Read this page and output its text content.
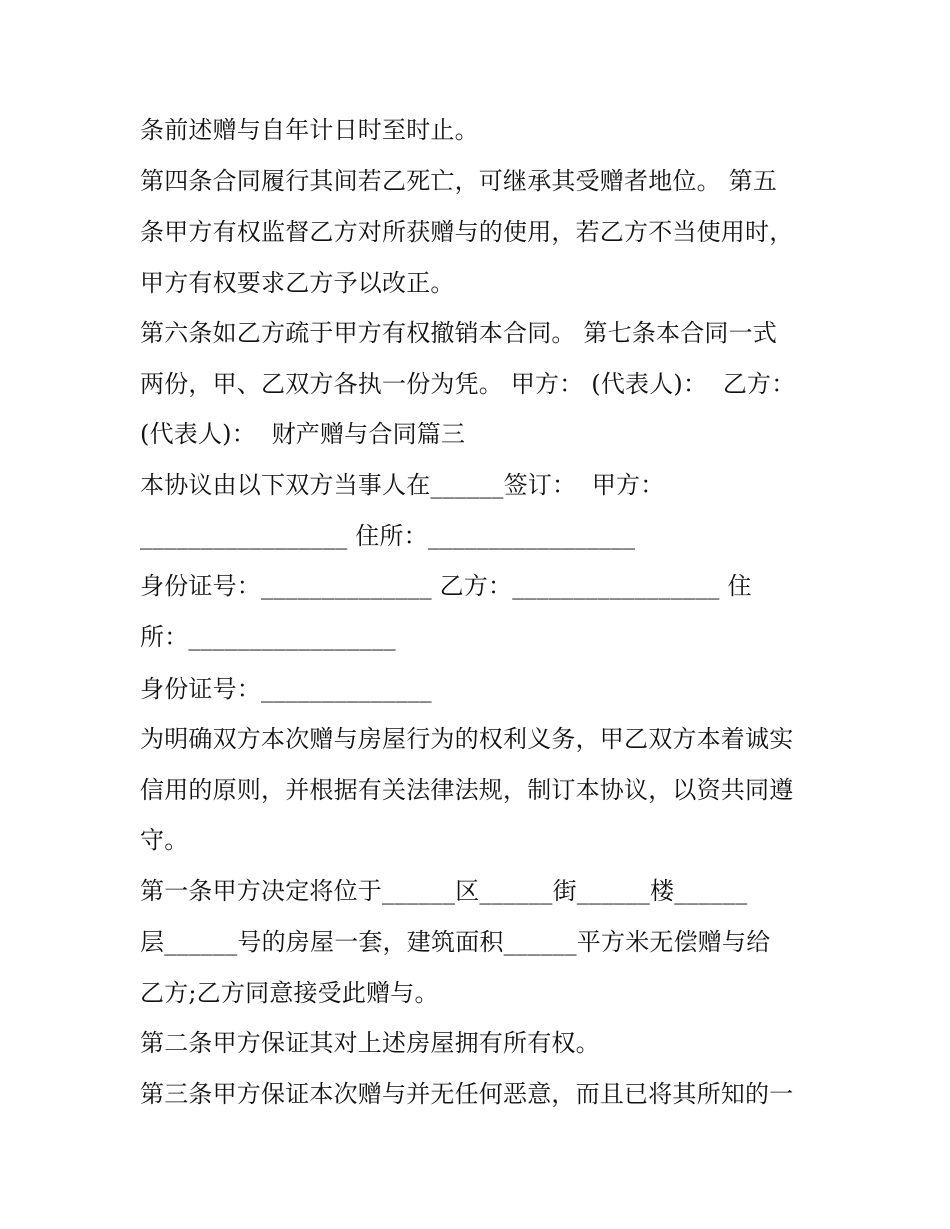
条前述赠与自年计日时至时止。
第四条合同履行其间若乙死亡，可继承其受赠者地位。 第五
条甲方有权监督乙方对所获赠与的使用，若乙方不当使用时，
甲方有权要求乙方予以改正。
第六条如乙方疏于甲方有权撤销本合同。 第七条本合同一式
两份，甲、乙双方各执一份为凭。 甲方： (代表人)：  乙方：
(代表人)：  财产赠与合同篇三
本协议由以下双方当事人在______签订：  甲方：
_________________ 住所：_________________
身份证号：______________ 乙方：_________________ 住
所：_________________
身份证号：______________
为明确双方本次赠与房屋行为的权利义务，甲乙双方本着诚实
信用的原则，并根据有关法律法规，制订本协议，以资共同遵
守。
第一条甲方决定将位于______区______街______楼______
层______号的房屋一套，建筑面积______平方米无偿赠与给
乙方;乙方同意接受此赠与。
第二条甲方保证其对上述房屋拥有所有权。
第三条甲方保证本次赠与并无任何恶意，而且已将其所知的一
